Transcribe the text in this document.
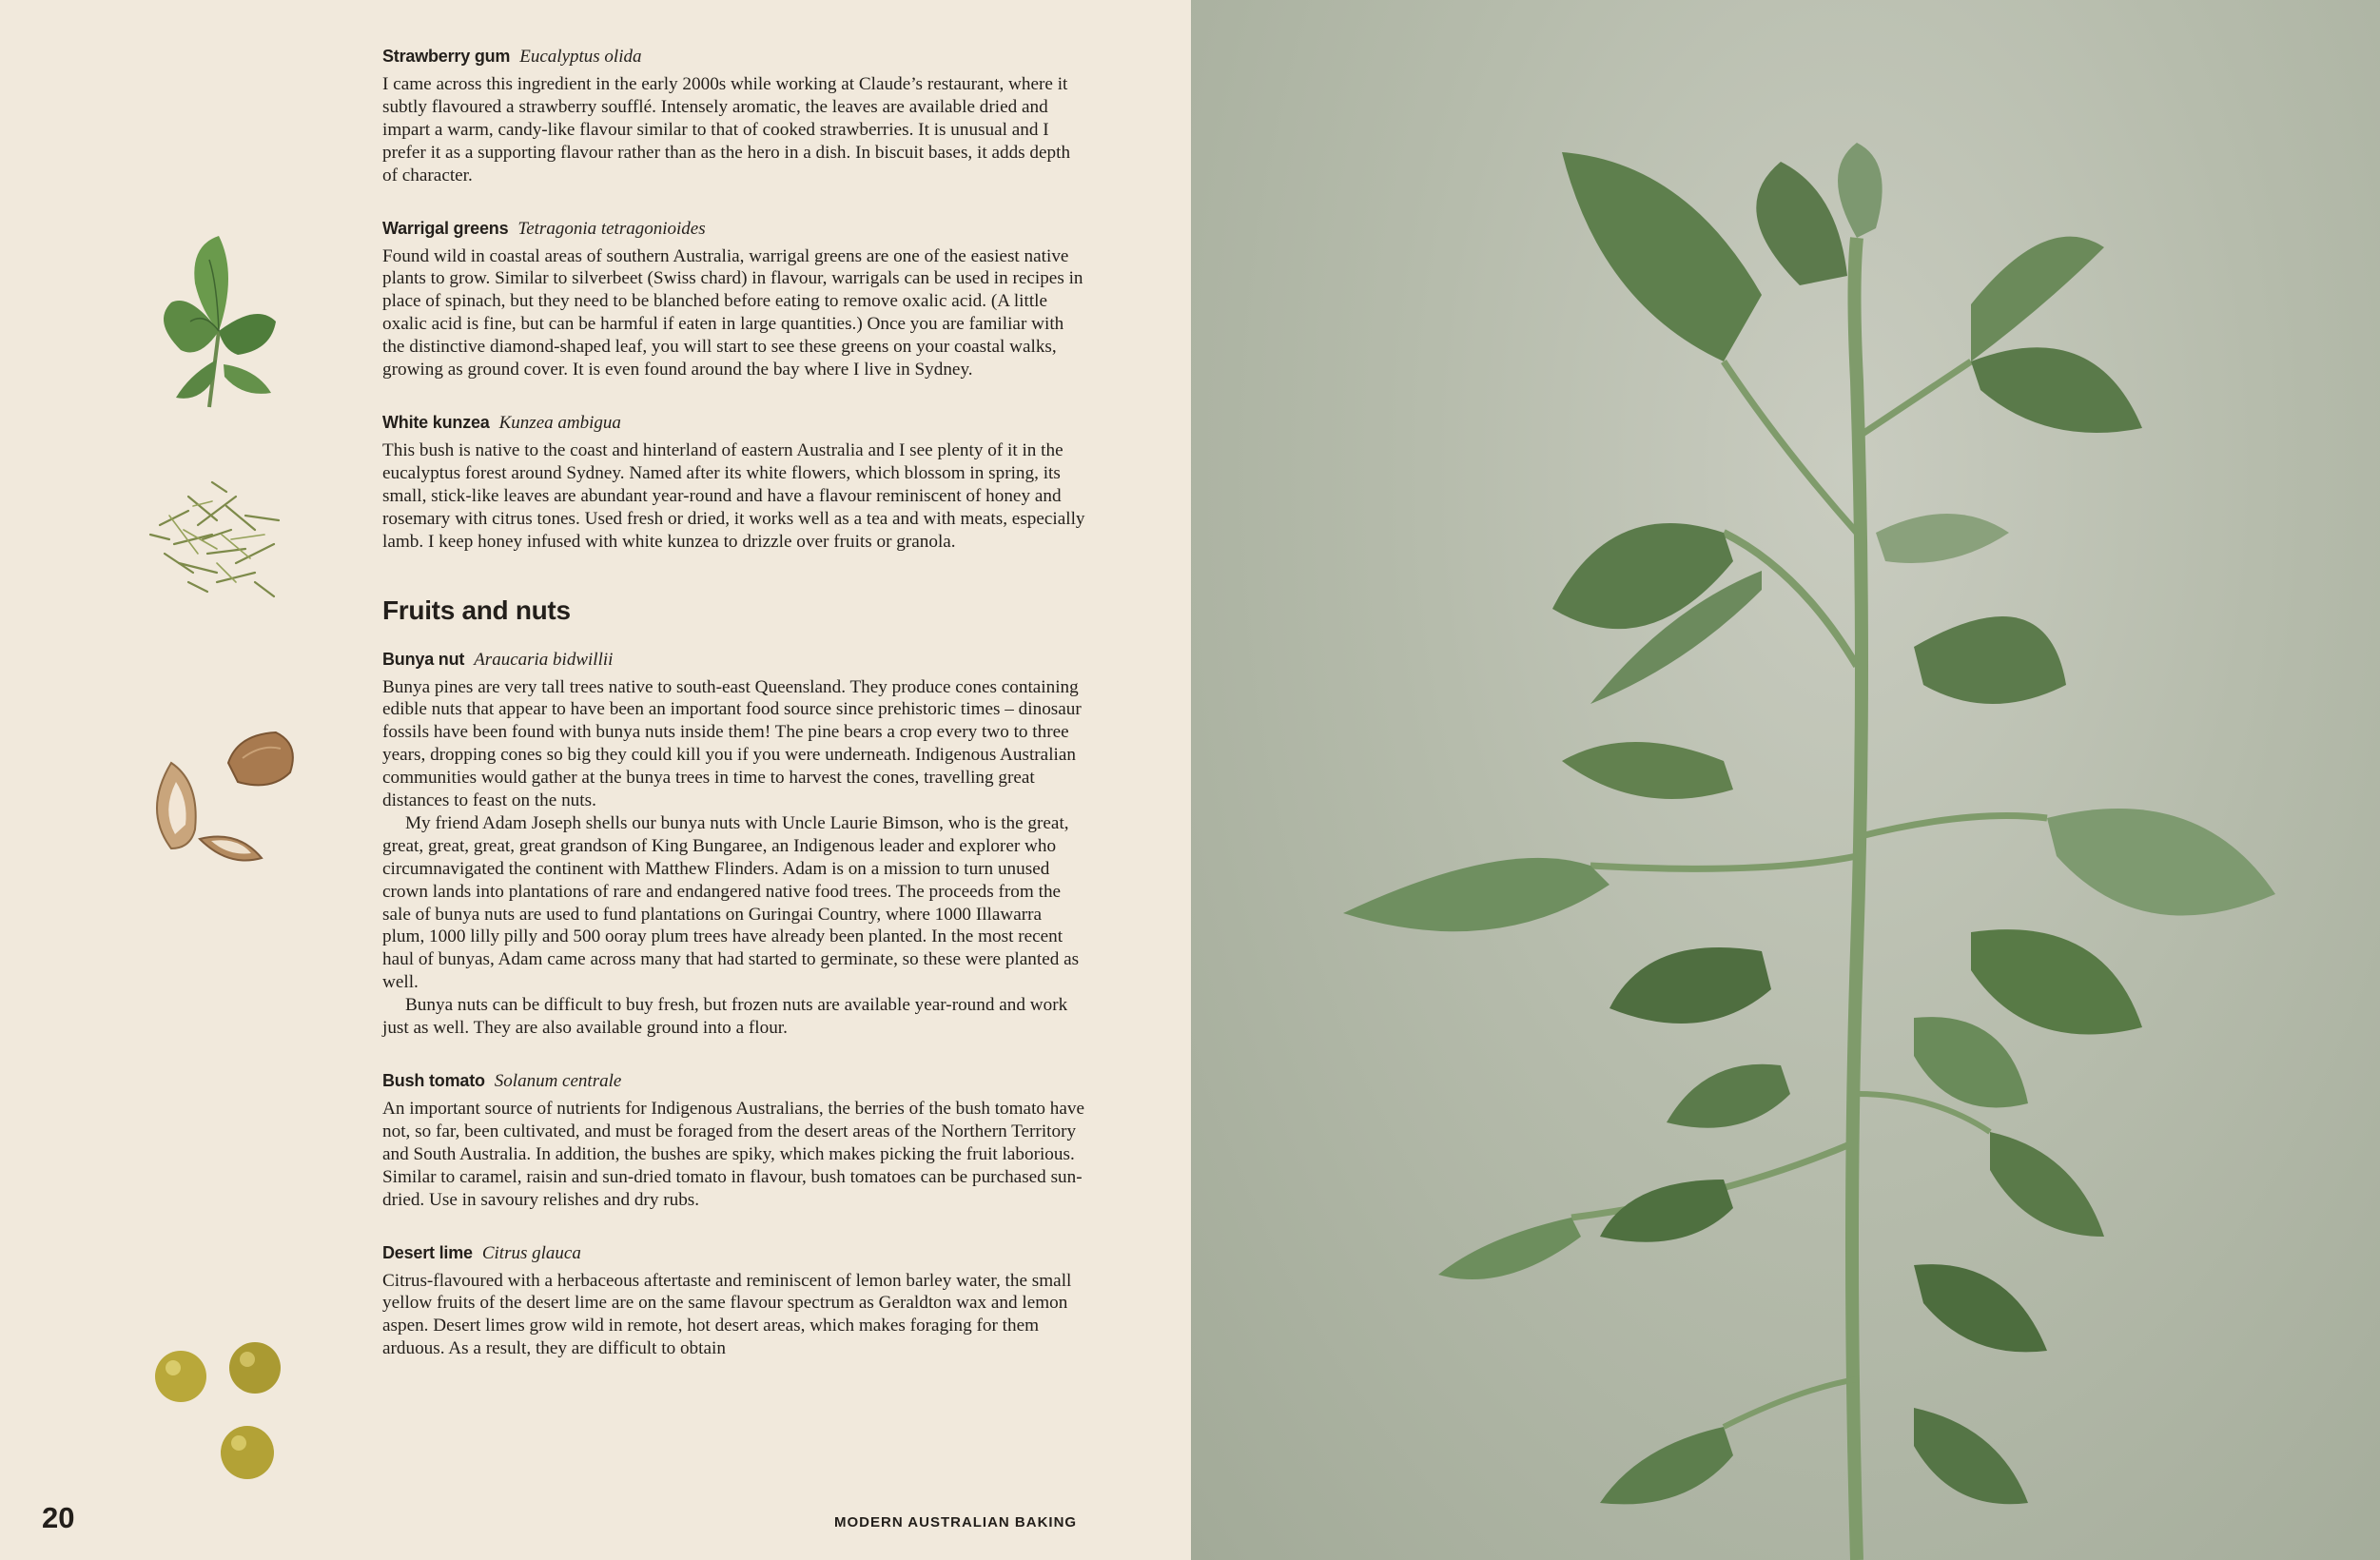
Strawberry gum Eucalyptus olida

I came across this ingredient in the early 2000s while working at Claude’s restaurant, where it subtly flavoured a strawberry soufflé. Intensely aromatic, the leaves are available dried and impart a warm, candy-like flavour similar to that of cooked strawberries. It is unusual and I prefer it as a supporting flavour rather than as the hero in a dish. In biscuit bases, it adds depth of character.

Warrigal greens Tetragonia tetragonioides

Found wild in coastal areas of southern Australia, warrigal greens are one of the easiest native plants to grow. Similar to silverbeet (Swiss chard) in flavour, warrigals can be used in recipes in place of spinach, but they need to be blanched before eating to remove oxalic acid. (A little oxalic acid is fine, but can be harmful if eaten in large quantities.) Once you are familiar with the distinctive diamond-shaped leaf, you will start to see these greens on your coastal walks, growing as ground cover. It is even found around the bay where I live in Sydney.

White kunzea Kunzea ambigua

This bush is native to the coast and hinterland of eastern Australia and I see plenty of it in the eucalyptus forest around Sydney. Named after its white flowers, which blossom in spring, its small, stick-like leaves are abundant year-round and have a flavour reminiscent of honey and rosemary with citrus tones. Used fresh or dried, it works well as a tea and with meats, especially lamb. I keep honey infused with white kunzea to drizzle over fruits or granola.

Fruits and nuts
Bunya nut Araucaria bidwillii

Bunya pines are very tall trees native to south-east Queensland. They produce cones containing edible nuts that appear to have been an important food source since prehistoric times – dinosaur fossils have been found with bunya nuts inside them! The pine bears a crop every two to three years, dropping cones so big they could kill you if you were underneath. Indigenous Australian communities would gather at the bunya trees in time to harvest the cones, travelling great distances to feast on the nuts.

My friend Adam Joseph shells our bunya nuts with Uncle Laurie Bimson, who is the great, great, great, great, great grandson of King Bungaree, an Indigenous leader and explorer who circumnavigated the continent with Matthew Flinders. Adam is on a mission to turn unused crown lands into plantations of rare and endangered native food trees. The proceeds from the sale of bunya nuts are used to fund plantations on Guringai Country, where 1000 Illawarra plum, 1000 lilly pilly and 500 ooray plum trees have already been planted. In the most recent haul of bunyas, Adam came across many that had started to germinate, so these were planted as well.

Bunya nuts can be difficult to buy fresh, but frozen nuts are available year-round and work just as well. They are also available ground into a flour.

Bush tomato Solanum centrale

An important source of nutrients for Indigenous Australians, the berries of the bush tomato have not, so far, been cultivated, and must be foraged from the desert areas of the Northern Territory and South Australia. In addition, the bushes are spiky, which makes picking the fruit laborious. Similar to caramel, raisin and sun-dried tomato in flavour, bush tomatoes can be purchased sun-dried. Use in savoury relishes and dry rubs.

Desert lime Citrus glauca

Citrus-flavoured with a herbaceous aftertaste and reminiscent of lemon barley water, the small yellow fruits of the desert lime are on the same flavour spectrum as Geraldton wax and lemon aspen. Desert limes grow wild in remote, hot desert areas, which makes foraging for them arduous. As a result, they are difficult to obtain

20	MODERN AUSTRALIAN BAKING
